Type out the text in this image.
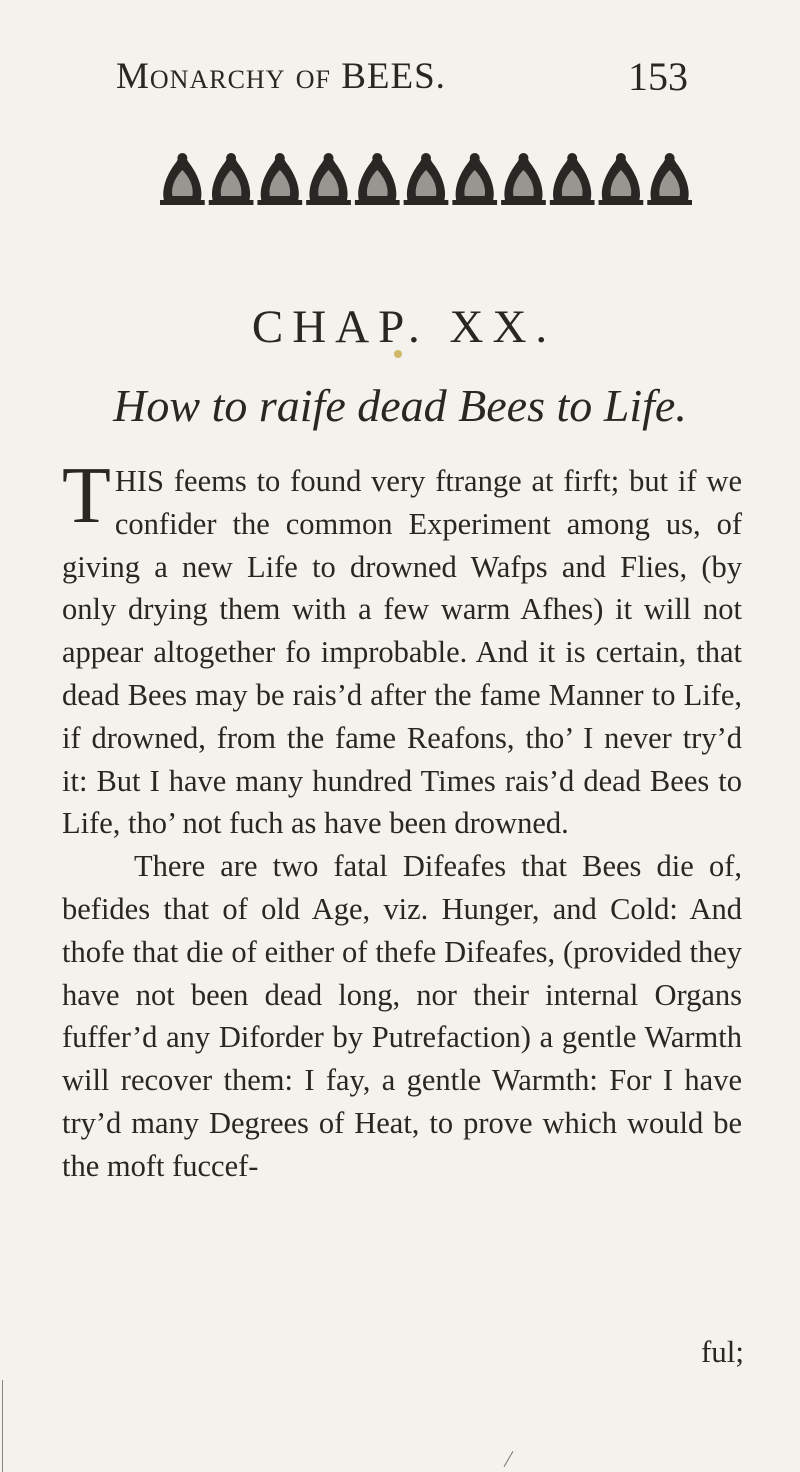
Monarchy of BEES.	153
CHAP. XX.
How to raife dead Bees to Life.

THIS feems to found very ftrange at firft; but if we confider the common Experiment among us, of giving a new Life to drowned Wafps and Flies, (by only drying them with a few warm Afhes) it will not appear altogether fo improbable. And it is certain, that dead Bees may be rais’d after the fame Manner to Life, if drowned, from the fame Reafons, tho’ I never try’d it: But I have many hundred Times rais’d dead Bees to Life, tho’ not fuch as have been drowned.

There are two fatal Difeafes that Bees die of, befides that of old Age, viz. Hunger, and Cold: And thofe that die of either of thefe Difeafes, (provided they have not been dead long, nor their internal Organs fuffer’d any Diforder by Putrefaction) a gentle Warmth will recover them: I fay, a gentle Warmth: For I have try’d many Degrees of Heat, to prove which would be the moft fuccef-

ful;
